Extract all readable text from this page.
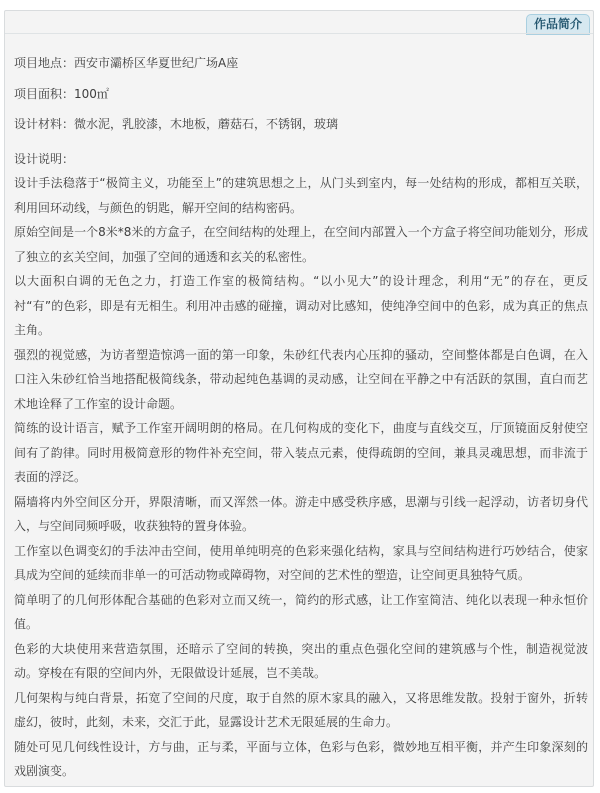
作品简介

项目地点：西安市灞桥区华夏世纪广场A座

项目面积：100㎡

设计材料：微水泥，乳胶漆，木地板，蘑菇石，不锈钢，玻璃

设计说明：

设计手法稳落于“极简主义，功能至上”的建筑思想之上，从门头到室内，每一处结构的形成，都相互关联，利用回环动线，与颜色的钥匙，解开空间的结构密码。

原始空间是一个8米*8米的方盒子，在空间结构的处理上，在空间内部置入一个方盒子将空间功能划分，形成了独立的玄关空间，加强了空间的通透和玄关的私密性。

以大面积白调的无色之力，打造工作室的极简结构。“以小见大”的设计理念，利用“无”的存在，更反衬“有”的色彩，即是有无相生。利用冲击感的碰撞，调动对比感知，使纯净空间中的色彩，成为真正的焦点主角。

强烈的视觉感，为访者塑造惊鸿一面的第一印象，朱砂红代表内心压抑的骚动，空间整体都是白色调，在入口注入朱砂红恰当地搭配极简线条，带动起纯色基调的灵动感，让空间在平静之中有活跃的氛围，直白而艺术地诠释了工作室的设计命题。

简练的设计语言，赋予工作室开阔明朗的格局。在几何构成的变化下，曲度与直线交互，厅顶镜面反射使空间有了韵律。同时用极简意形的物件补充空间，带入装点元素，使得疏朗的空间，兼具灵魂思想，而非流于表面的浮泛。

隔墙将内外空间区分开，界限清晰，而又浑然一体。游走中感受秩序感，思潮与引线一起浮动，访者切身代入，与空间同频呼吸，收获独特的置身体验。

工作室以色调变幻的手法冲击空间，使用单纯明亮的色彩来强化结构，家具与空间结构进行巧妙结合，使家具成为空间的延续而非单一的可活动物或障碍物，对空间的艺术性的塑造，让空间更具独特气质。

简单明了的几何形体配合基础的色彩对立而又统一，简约的形式感，让工作室简洁、纯化以表现一种永恒价值。

色彩的大块使用来营造氛围，还暗示了空间的转换，突出的重点色强化空间的建筑感与个性，制造视觉波动。穿梭在有限的空间内外，无限做设计延展，岂不美哉。

几何架构与纯白背景，拓宽了空间的尺度，取于自然的原木家具的融入，又将思维发散。投射于窗外，折转虚幻，彼时，此刻，未来，交汇于此，显露设计艺术无限延展的生命力。

随处可见几何线性设计，方与曲，正与柔，平面与立体，色彩与色彩，微妙地互相平衡，并产生印象深刻的戏剧演变。
